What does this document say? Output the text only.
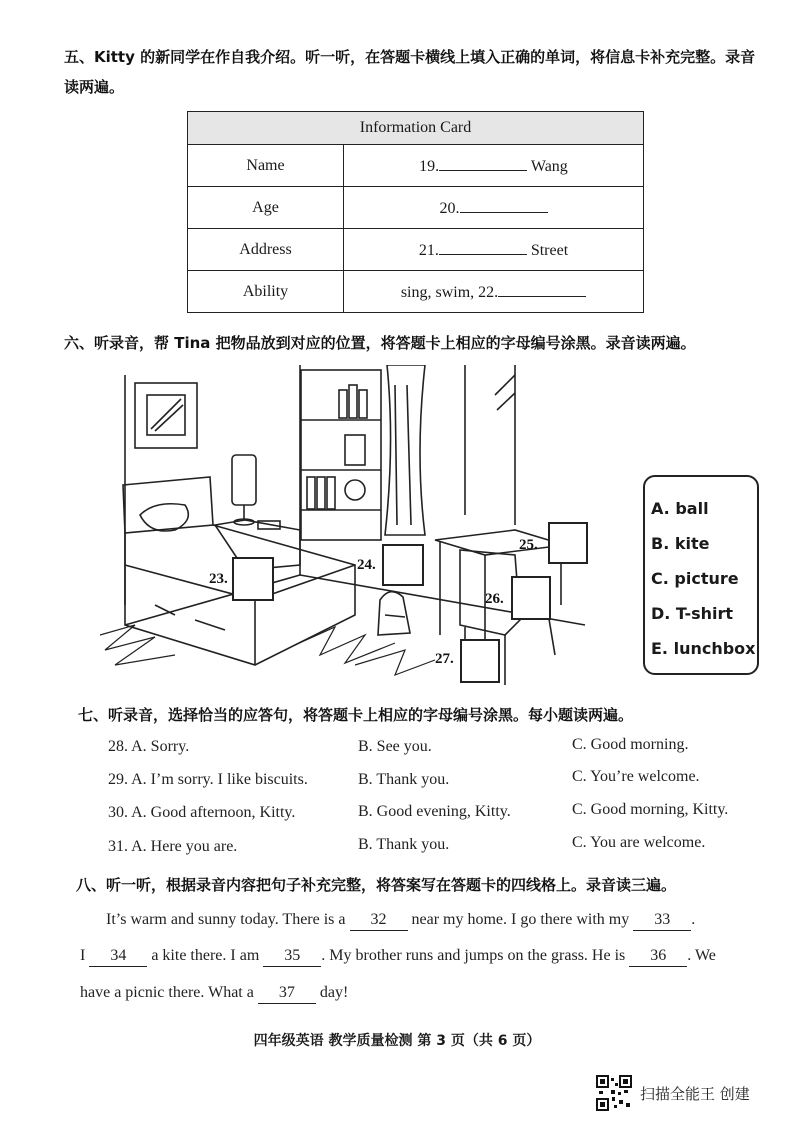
五、Kitty 的新同学在作自我介绍。听一听，在答题卡横线上填入正确的单词，将信息卡补充完整。录音读两遍。
Information Card	
Name	19. Wang
Age	20.
Address	21. Street
Ability	sing, swim, 22.
六、听录音，帮 Tina 把物品放到对应的位置，将答题卡上相应的字母编号涂黑。录音读两遍。
23.
24.
25.
26.
27.
A. ball
B. kite
C. picture
D. T-shirt
E. lunchbox
七、听录音，选择恰当的应答句，将答题卡上相应的字母编号涂黑。每小题读两遍。
28. A. Sorry.	B. See you.	C. Good morning.
29. A. I’m sorry. I like biscuits.	B. Thank you.	C. You’re welcome.
30. A. Good afternoon, Kitty.	B. Good evening, Kitty.	C. Good morning, Kitty.
31. A. Here you are.	B. Thank you.	C. You are welcome.
八、听一听，根据录音内容把句子补充完整，将答案写在答题卡的四线格上。录音读三遍。
It’s warm and sunny today. There is a 32 near my home. I go there with my 33 .
I 34 a kite there. I am 35 . My brother runs and jumps on the grass. He is 36 . We
have a picnic there. What a 37 day!
四年级英语 教学质量检测 第 3 页（共 6 页）
扫描全能王 创建
